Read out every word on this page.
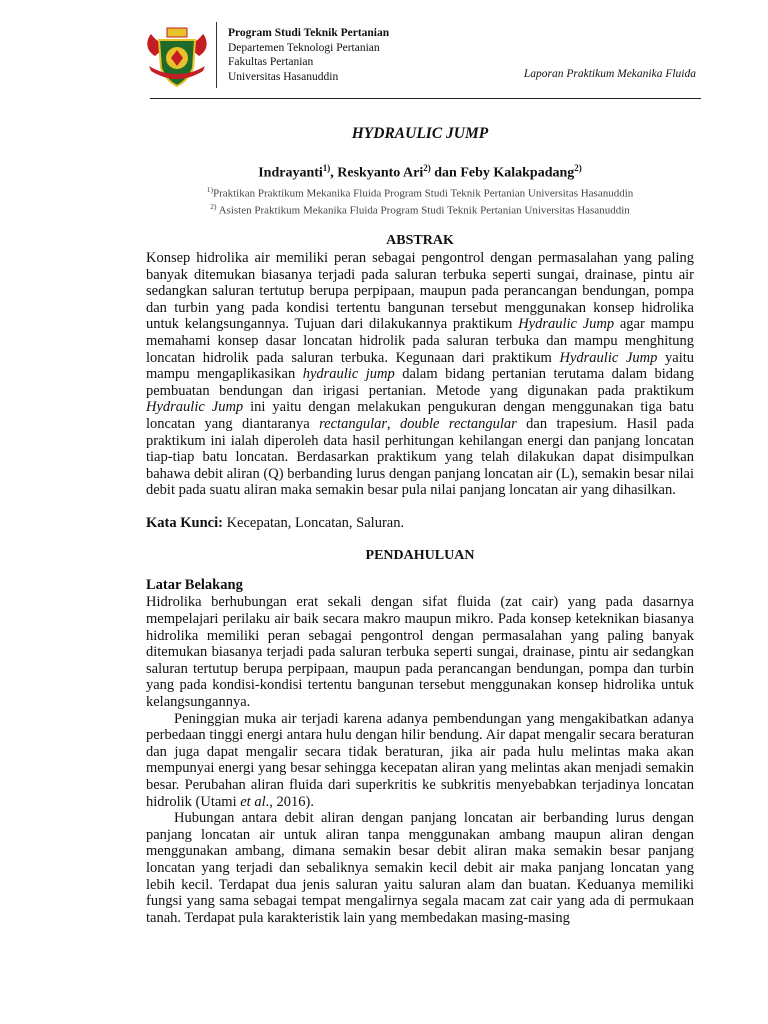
Program Studi Teknik Pertanian
Departemen Teknologi Pertanian
Fakultas Pertanian
Universitas Hasanuddin	Laporan Praktikum Mekanika Fluida
HYDRAULIC JUMP
Indrayanti$^{1)}$, Reskyanto Ari$^{2)}$ dan Feby Kalakpadang$^{2)}$
$^{1)}$Praktikan Praktikum Mekanika Fluida Program Studi Teknik Pertanian Universitas Hasanuddin
$^{2)}$ Asisten Praktikum Mekanika Fluida Program Studi Teknik Pertanian Universitas Hasanuddin
ABSTRAK

Konsep hidrolika air memiliki peran sebagai pengontrol dengan permasalahan yang paling banyak ditemukan biasanya terjadi pada saluran terbuka seperti sungai, drainase, pintu air sedangkan saluran tertutup berupa perpipaan, maupun pada perancangan bendungan, pompa dan turbin yang pada kondisi tertentu bangunan tersebut menggunakan konsep hidrolika untuk kelangsungannya. Tujuan dari dilakukannya praktikum Hydraulic Jump agar mampu memahami konsep dasar loncatan hidrolik pada saluran terbuka dan mampu menghitung loncatan hidrolik pada saluran terbuka. Kegunaan dari praktikum Hydraulic Jump yaitu mampu mengaplikasikan hydraulic jump dalam bidang pertanian terutama dalam bidang pembuatan bendungan dan irigasi pertanian. Metode yang digunakan pada praktikum Hydraulic Jump ini yaitu dengan melakukan pengukuran dengan menggunakan tiga batu loncatan yang diantaranya rectangular, double rectangular dan trapesium. Hasil pada praktikum ini ialah diperoleh data hasil perhitungan kehilangan energi dan panjang loncatan tiap-tiap batu loncatan. Berdasarkan praktikum yang telah dilakukan dapat disimpulkan bahawa debit aliran (Q) berbanding lurus dengan panjang loncatan air (L), semakin besar nilai debit pada suatu aliran maka semakin besar pula nilai panjang loncatan air yang dihasilkan.

Kata Kunci: Kecepatan, Loncatan, Saluran.

PENDAHULUAN
Latar Belakang

Hidrolika berhubungan erat sekali dengan sifat fluida (zat cair) yang pada dasarnya mempelajari perilaku air baik secara makro maupun mikro. Pada konsep keteknikan biasanya hidrolika memiliki peran sebagai pengontrol dengan permasalahan yang paling banyak ditemukan biasanya terjadi pada saluran terbuka seperti sungai, drainase, pintu air sedangkan saluran tertutup berupa perpipaan, maupun pada perancangan bendungan, pompa dan turbin yang pada kondisi-kondisi tertentu bangunan tersebut menggunakan konsep hidrolika untuk kelangsungannya.

Peninggian muka air terjadi karena adanya pembendungan yang mengakibatkan adanya perbedaan tinggi energi antara hulu dengan hilir bendung. Air dapat mengalir secara beraturan dan juga dapat mengalir secara tidak beraturan, jika air pada hulu melintas maka akan mempunyai energi yang besar sehingga kecepatan aliran yang melintas akan menjadi semakin besar. Perubahan aliran fluida dari superkritis ke subkritis menyebabkan terjadinya loncatan hidrolik (Utami et al., 2016).

Hubungan antara debit aliran dengan panjang loncatan air berbanding lurus dengan panjang loncatan air untuk aliran tanpa menggunakan ambang maupun aliran dengan menggunakan ambang, dimana semakin besar debit aliran maka semakin besar panjang loncatan yang terjadi dan sebaliknya semakin kecil debit air maka panjang loncatan yang lebih kecil. Terdapat dua jenis saluran yaitu saluran alam dan buatan. Keduanya memiliki fungsi yang sama sebagai tempat mengalirnya segala macam zat cair yang ada di permukaan tanah. Terdapat pula karakteristik lain yang membedakan masing-masing
